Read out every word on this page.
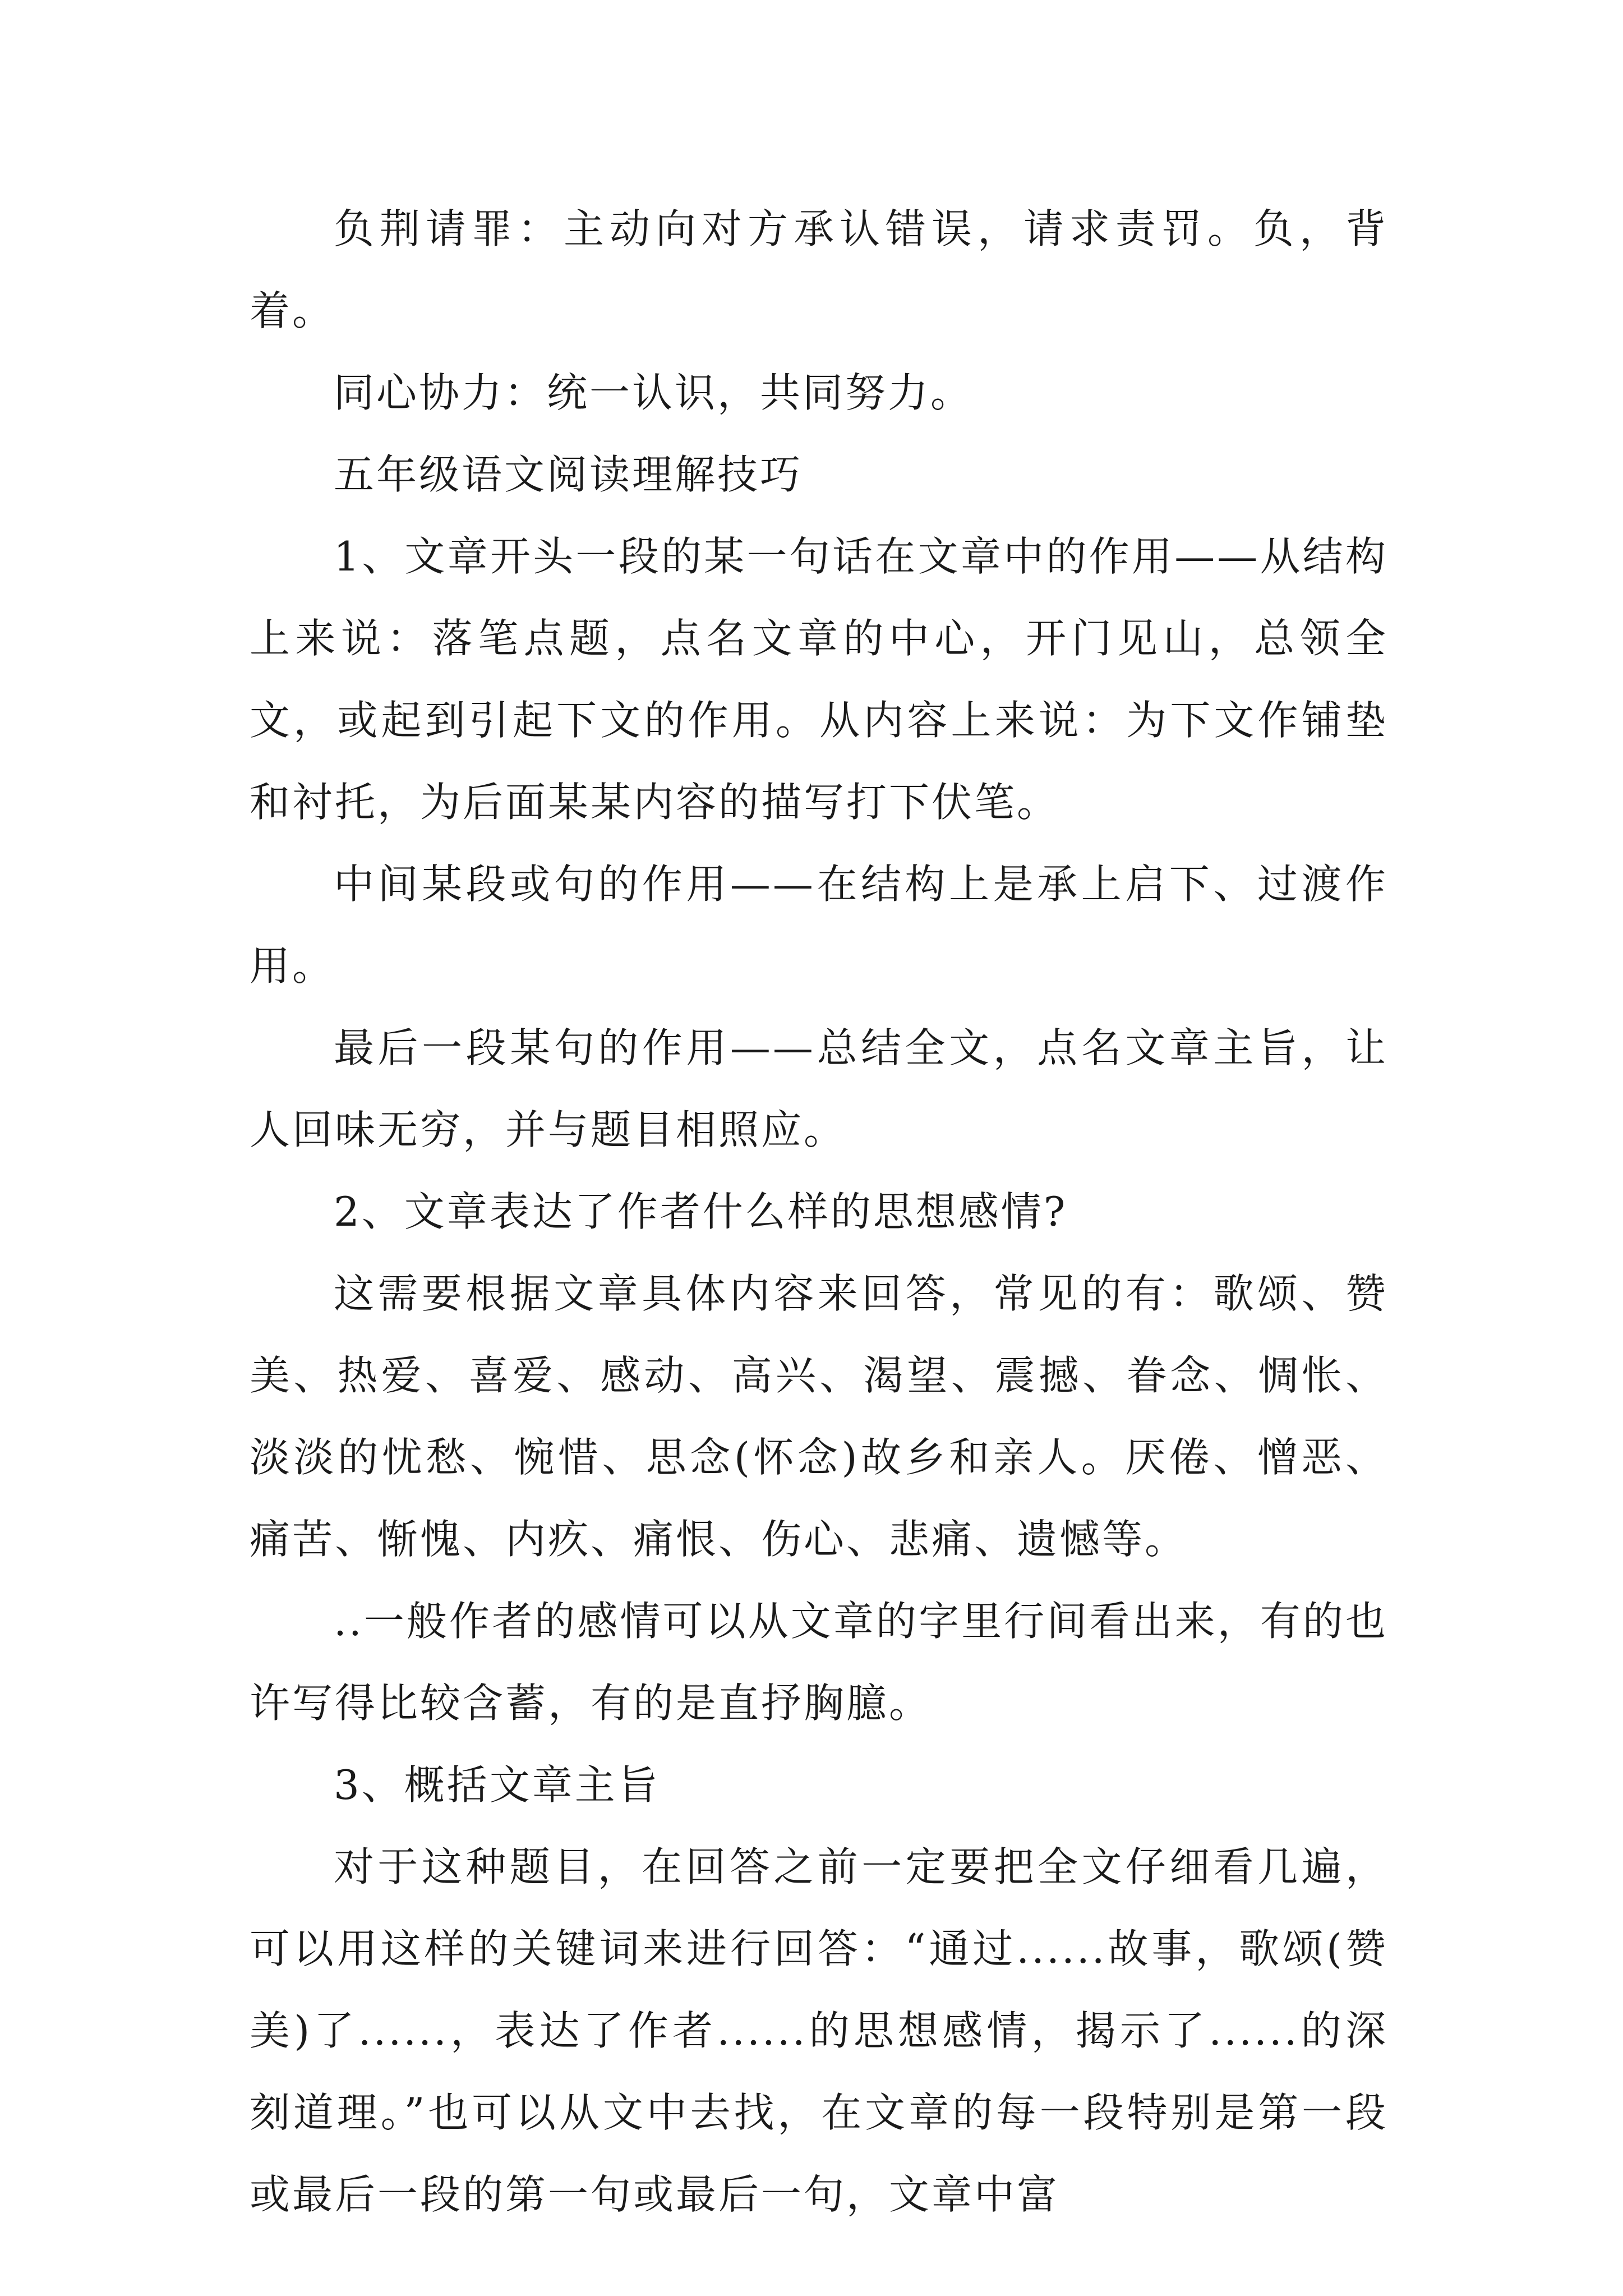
负荆请罪：主动向对方承认错误，请求责罚。负，背着。

同心协力：统一认识，共同努力。

五年级语文阅读理解技巧

1、文章开头一段的某一句话在文章中的作用——从结构上来说：落笔点题，点名文章的中心，开门见山，总领全文，或起到引起下文的作用。从内容上来说：为下文作铺垫和衬托，为后面某某内容的描写打下伏笔。

中间某段或句的作用——在结构上是承上启下、过渡作用。

最后一段某句的作用——总结全文，点名文章主旨，让人回味无穷，并与题目相照应。

2、文章表达了作者什么样的思想感情?

这需要根据文章具体内容来回答，常见的有：歌颂、赞美、热爱、喜爱、感动、高兴、渴望、震撼、眷念、惆怅、淡淡的忧愁、惋惜、思念(怀念)故乡和亲人。厌倦、憎恶、痛苦、惭愧、内疚、痛恨、伤心、悲痛、遗憾等。

..一般作者的感情可以从文章的字里行间看出来，有的也许写得比较含蓄，有的是直抒胸臆。

3、概括文章主旨

对于这种题目，在回答之前一定要把全文仔细看几遍，可以用这样的关键词来进行回答：“通过......故事，歌颂(赞美)了......，表达了作者......的思想感情，揭示了......的深刻道理。”也可以从文中去找，在文章的每一段特别是第一段或最后一段的第一句或最后一句，文章中富
